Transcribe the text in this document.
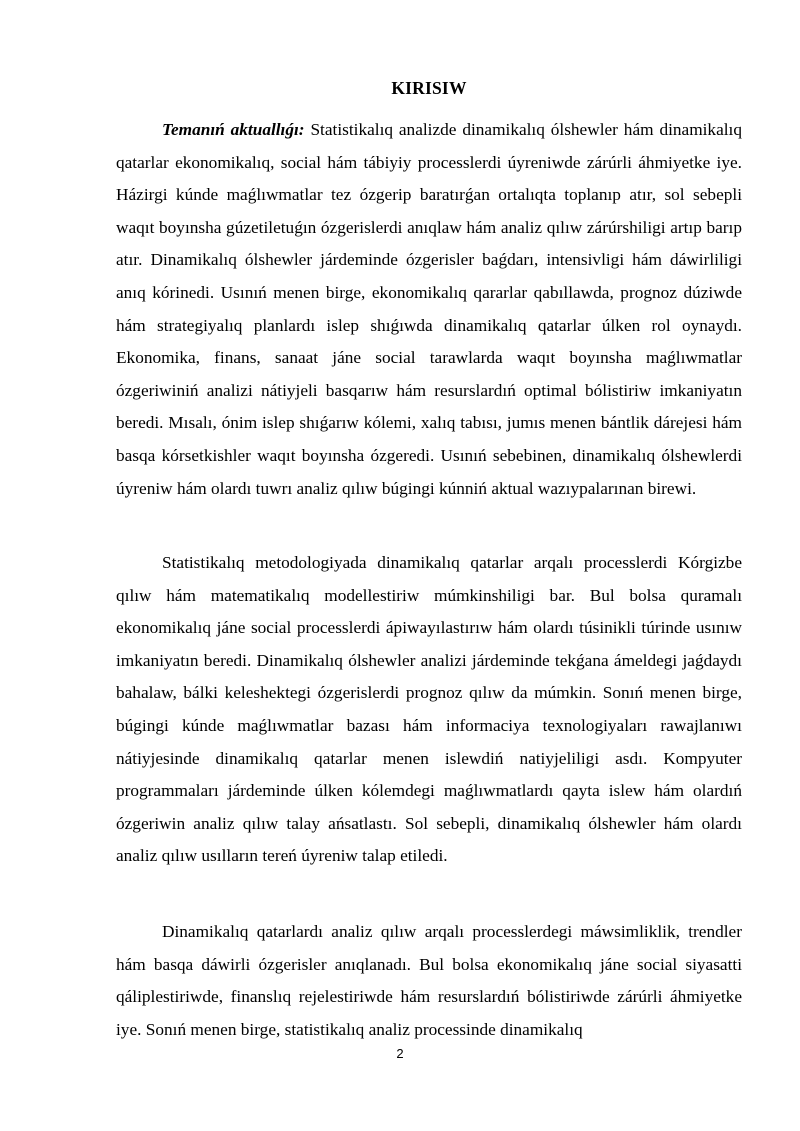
KIRISIW

Temanıń aktuallıǵı: Statistikalıq analizde dinamikalıq ólshewler hám dinamikalıq qatarlar ekonomikalıq, social hám tábiyiy processlerdi úyreniwde zárúrli áhmiyetke iye. Házirgi kúnde maǵlıwmatlar tez ózgerip baratırǵan ortalıqta toplanıp atır, sol sebepli waqıt boyınsha gúzetiletuǵın ózgerislerdi anıqlaw hám analiz qılıw zárúrshiligi artıp barıp atır. Dinamikalıq ólshewler járdeminde ózgerisler baǵdarı, intensivligi hám dáwirliligi anıq kórinedi. Usınıń menen birge, ekonomikalıq qararlar qabıllawda, prognoz dúziwde hám strategiyalıq planlardı islep shıǵıwda dinamikalıq qatarlar úlken rol oynaydı. Ekonomika, finans, sanaat jáne social tarawlarda waqıt boyınsha maǵlıwmatlar ózgeriwiniń analizi nátiyjeli basqarıw hám resurslardıń optimal bólistiriw imkaniyatın beredi. Mısalı, ónim islep shıǵarıw kólemi, xalıq tabısı, jumıs menen bántlik dárejesi hám basqa kórsetkishler waqıt boyınsha ózgeredi. Usınıń sebebinen, dinamikalıq ólshewlerdi úyreniw hám olardı tuwrı analiz qılıw búgingi kúnniń aktual wazıypalarınan birewi.

Statistikalıq metodologiyada dinamikalıq qatarlar arqalı processlerdi Kórgizbe qılıw hám matematikalıq modellestiriw múmkinshiligi bar. Bul bolsa quramalı ekonomikalıq jáne social processlerdi ápiwayılastırıw hám olardı túsinikli túrinde usınıw imkaniyatın beredi. Dinamikalıq ólshewler analizi járdeminde tekǵana ámeldegi jaǵdaydı bahalaw, bálki keleshektegi ózgerislerdi prognoz qılıw da múmkin. Sonıń menen birge, búgingi kúnde maǵlıwmatlar bazası hám informaciya texnologiyaları rawajlanıwı nátiyjesinde dinamikalıq qatarlar menen islewdiń natiyjeliligi asdı. Kompyuter programmaları járdeminde úlken kólemdegi maǵlıwmatlardı qayta islew hám olardıń ózgeriwin analiz qılıw talay ańsatlastı. Sol sebepli, dinamikalıq ólshewler hám olardı analiz qılıw usılların tereń úyreniw talap etiledi.

Dinamikalıq qatarlardı analiz qılıw arqalı processlerdegi máwsimliklik, trendler hám basqa dáwirli ózgerisler anıqlanadı. Bul bolsa ekonomikalıq jáne social siyasatti qáliplestiriwde, finanslıq rejelestiriwde hám resurslardıń bólistiriwde zárúrli áhmiyetke iye. Sonıń menen birge, statistikalıq analiz processinde dinamikalıq

2
